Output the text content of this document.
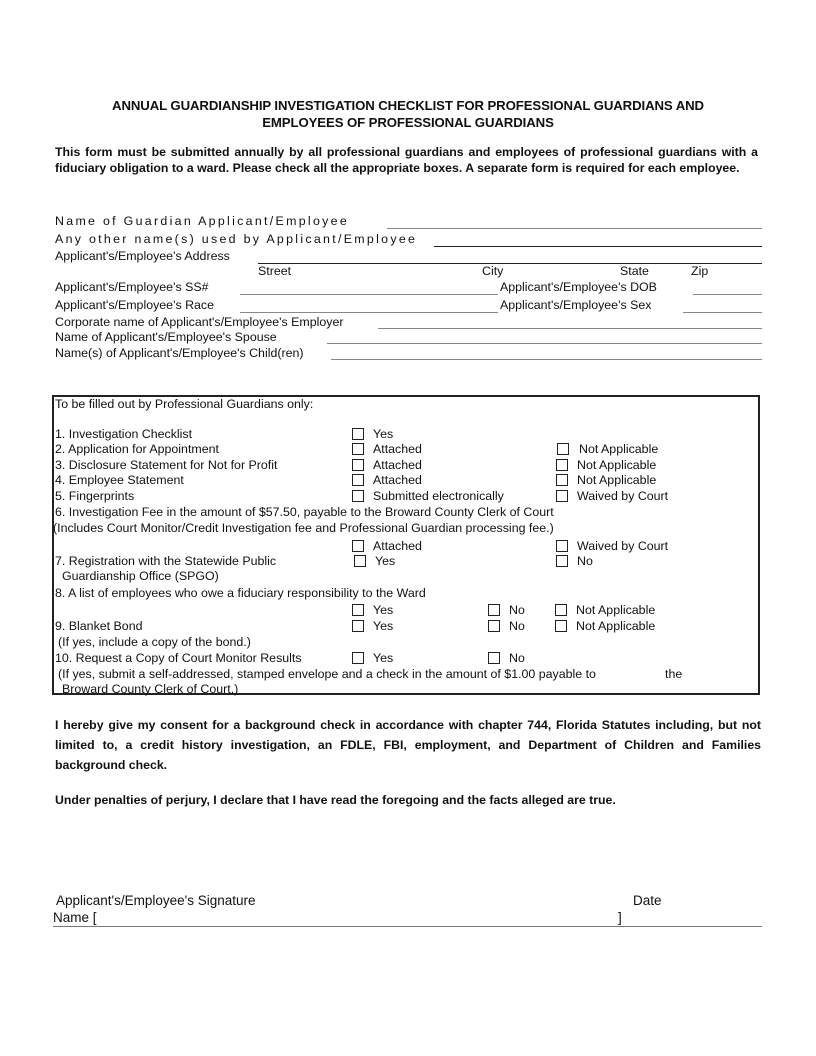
ANNUAL GUARDIANSHIP INVESTIGATION CHECKLIST FOR PROFESSIONAL GUARDIANS AND
EMPLOYEES OF PROFESSIONAL GUARDIANS
This form must be submitted annually by all professional guardians and employees of professional guardians with a fiduciary obligation to a ward. Please check all the appropriate boxes. A separate form is required for each employee.
Name of Guardian Applicant/Employee
Any other name(s) used by Applicant/Employee
Applicant's/Employee's Address
Street	City	State	Zip
Applicant's/Employee's SS#	Applicant's/Employee's DOB
Applicant's/Employee's Race	Applicant's/Employee's Sex
Corporate name of Applicant's/Employee's Employer
Name of Applicant's/Employee's Spouse
Name(s) of Applicant's/Employee's Child(ren)
To be filled out by Professional Guardians only:
1. Investigation Checklist	Yes
2. Application for Appointment	Attached	Not Applicable
3. Disclosure Statement for Not for Profit	Attached	Not Applicable
4. Employee Statement	Attached	Not Applicable
5. Fingerprints	Submitted electronically	Waived by Court
6. Investigation Fee in the amount of $57.50, payable to the Broward County Clerk of Court
(Includes Court Monitor/Credit Investigation fee and Professional Guardian processing fee.)
Attached	Waived by Court
7. Registration with the Statewide Public
Guardianship Office (SPGO)
Yes	No
8. A list of employees who owe a fiduciary responsibility to the Ward
Yes	No	Not Applicable
9. Blanket Bond
(If yes, include a copy of the bond.)
Yes	No	Not Applicable
10. Request a Copy of Court Monitor Results	Yes	No
(If yes, submit a self-addressed, stamped envelope and a check in the amount of $1.00 payable to	the
Broward County Clerk of Court.)
I hereby give my consent for a background check in accordance with chapter 744, Florida Statutes including, but not limited to, a credit history investigation, an FDLE, FBI, employment, and Department of Children and Families background check.
Under penalties of perjury, I declare that I have read the foregoing and the facts alleged are true.
Applicant's/Employee's Signature	Date
Name [	]
